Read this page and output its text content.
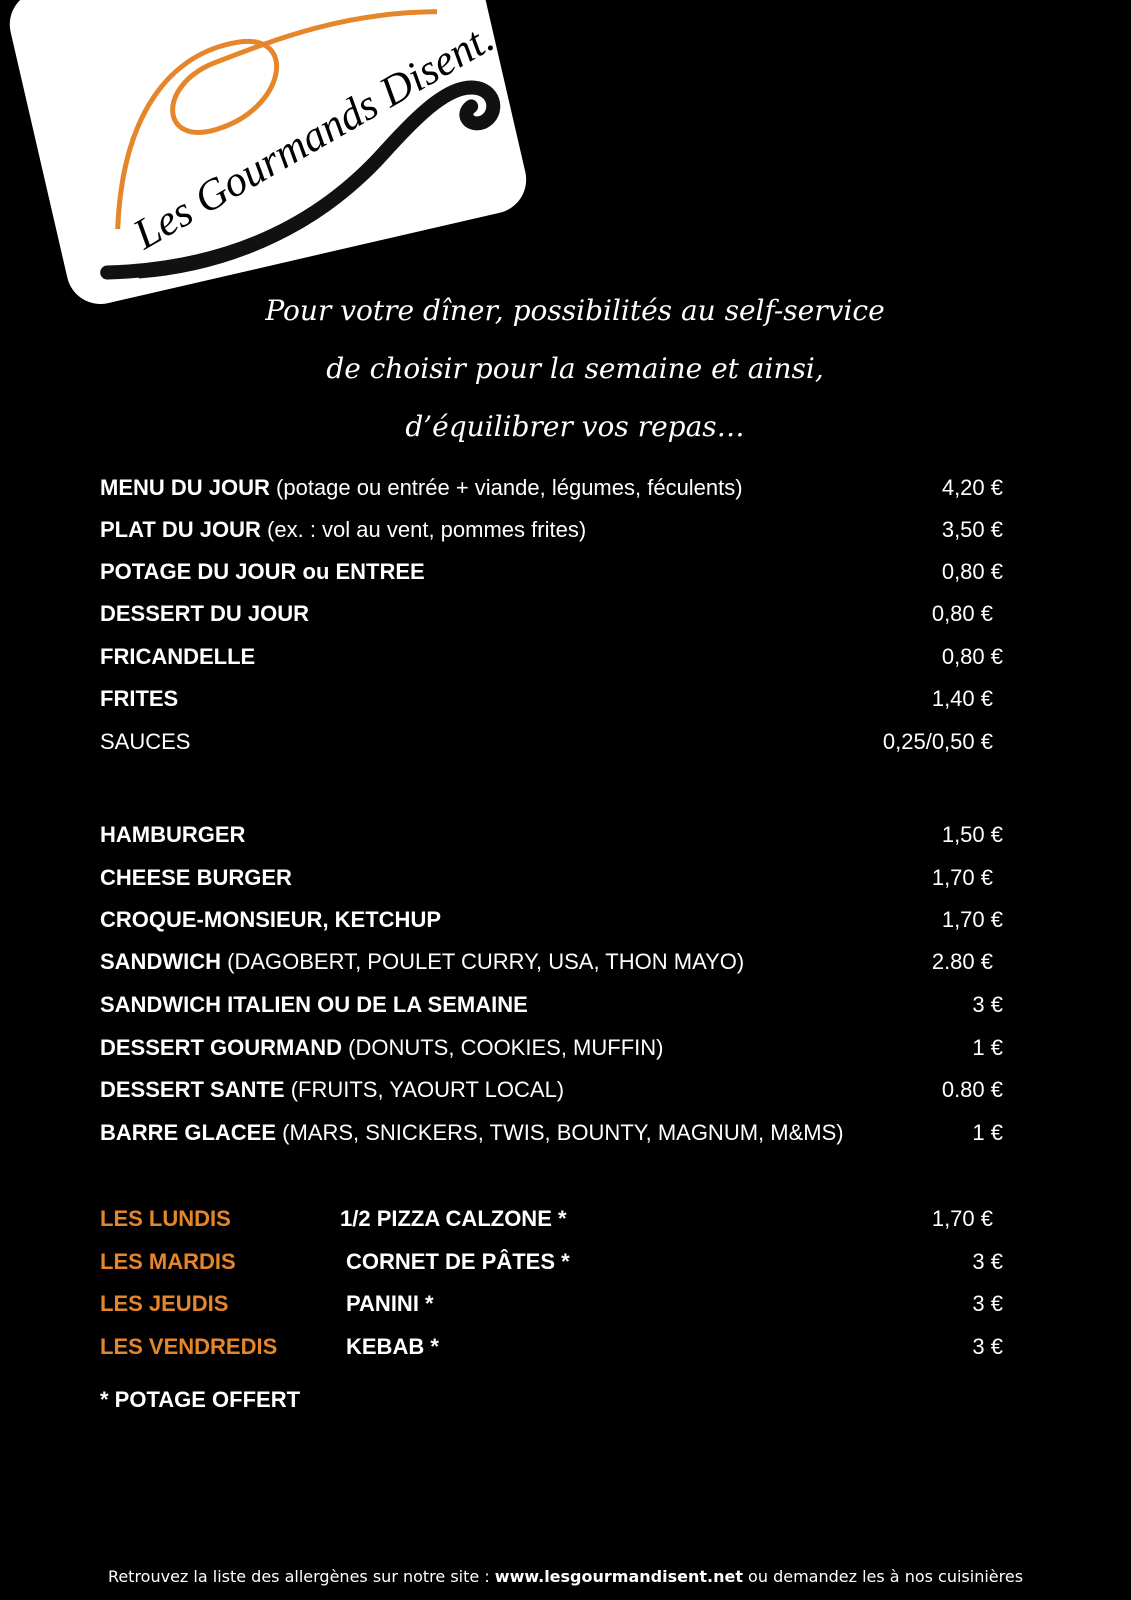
Les Gourmands Disent...
Pour votre dîner, possibilités au self-service
de choisir pour la semaine et ainsi,
d’équilibrer vos repas…
MENU DU JOUR (potage ou entrée + viande, légumes, féculents)	4,20 €
PLAT DU JOUR (ex. : vol au vent, pommes frites)	3,50 €
POTAGE DU JOUR ou ENTREE	0,80 €
DESSERT DU JOUR	0,80 €
FRICANDELLE	0,80 €
FRITES	1,40 €
SAUCES	0,25/0,50 €
HAMBURGER	1,50 €
CHEESE BURGER	1,70 €
CROQUE-MONSIEUR, KETCHUP	1,70 €
SANDWICH (DAGOBERT, POULET CURRY, USA, THON MAYO)	2.80 €
SANDWICH ITALIEN OU DE LA SEMAINE	3 €
DESSERT GOURMAND (DONUTS, COOKIES, MUFFIN)	1 €
DESSERT SANTE (FRUITS, YAOURT LOCAL)	0.80 €
BARRE GLACEE (MARS, SNICKERS, TWIS, BOUNTY, MAGNUM, M&MS)	1 €
LES LUNDIS	1/2 PIZZA CALZONE *	1,70 €
LES MARDIS	CORNET DE PÂTES *	3 €
LES JEUDIS	PANINI *	3 €
LES VENDREDIS	KEBAB *	3 €
* POTAGE OFFERT
Retrouvez la liste des allergènes sur notre site : www.lesgourmandisent.net ou demandez les à nos cuisinières
